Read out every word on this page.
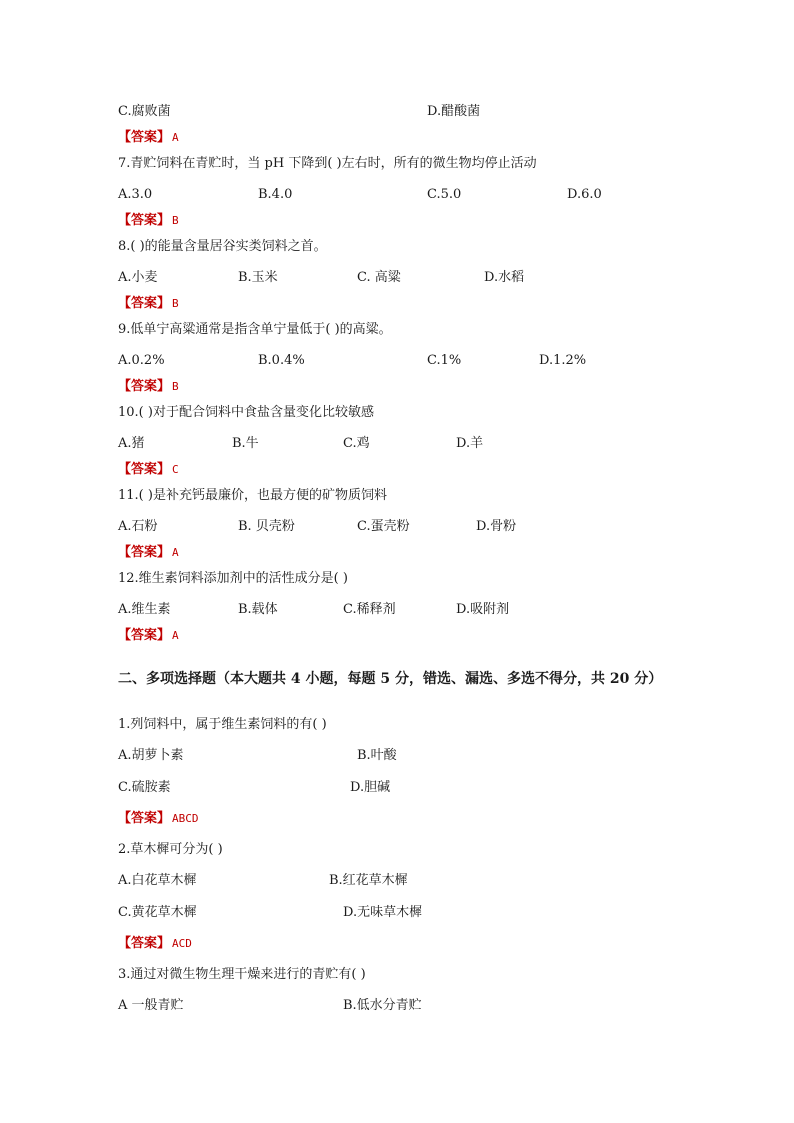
C.腐败菌	D.醋酸菌
【答案】 A
7.青贮饲料在青贮时，当 pH 下降到( )左右时，所有的微生物均停止活动
A.3.0	B.4.0	C.5.0	D.6.0
【答案】 B
8.( )的能量含量居谷实类饲料之首。
A.小麦	B.玉米	C. 高粱	D.水稻
【答案】 B
9.低单宁高粱通常是指含单宁量低于( )的高粱。
A.0.2%	B.0.4%	C.1%	D.1.2%
【答案】 B
10.( )对于配合饲料中食盐含量变化比较敏感
A.猪	B.牛	C.鸡	D.羊
【答案】 C
11.( )是补充钙最廉价，也最方便的矿物质饲料
A.石粉	B. 贝壳粉	C.蛋壳粉	D.骨粉
【答案】 A
12.维生素饲料添加剂中的活性成分是( )
A.维生素	B.载体	C.稀释剂	D.吸附剂
【答案】 A
二、多项选择题（本大题共 4 小题，每题 5 分，错选、漏选、多选不得分，共 20 分）
1.列饲料中，属于维生素饲料的有( )
A.胡萝卜素	B.叶酸
C.硫胺素	D.胆碱
【答案】 ABCD
2.草木樨可分为( )
A.白花草木樨	B.红花草木樨
C.黄花草木樨	D.无味草木樨
【答案】 ACD
3.通过对微生物生理干燥来进行的青贮有( )
A 一般青贮	B.低水分青贮
